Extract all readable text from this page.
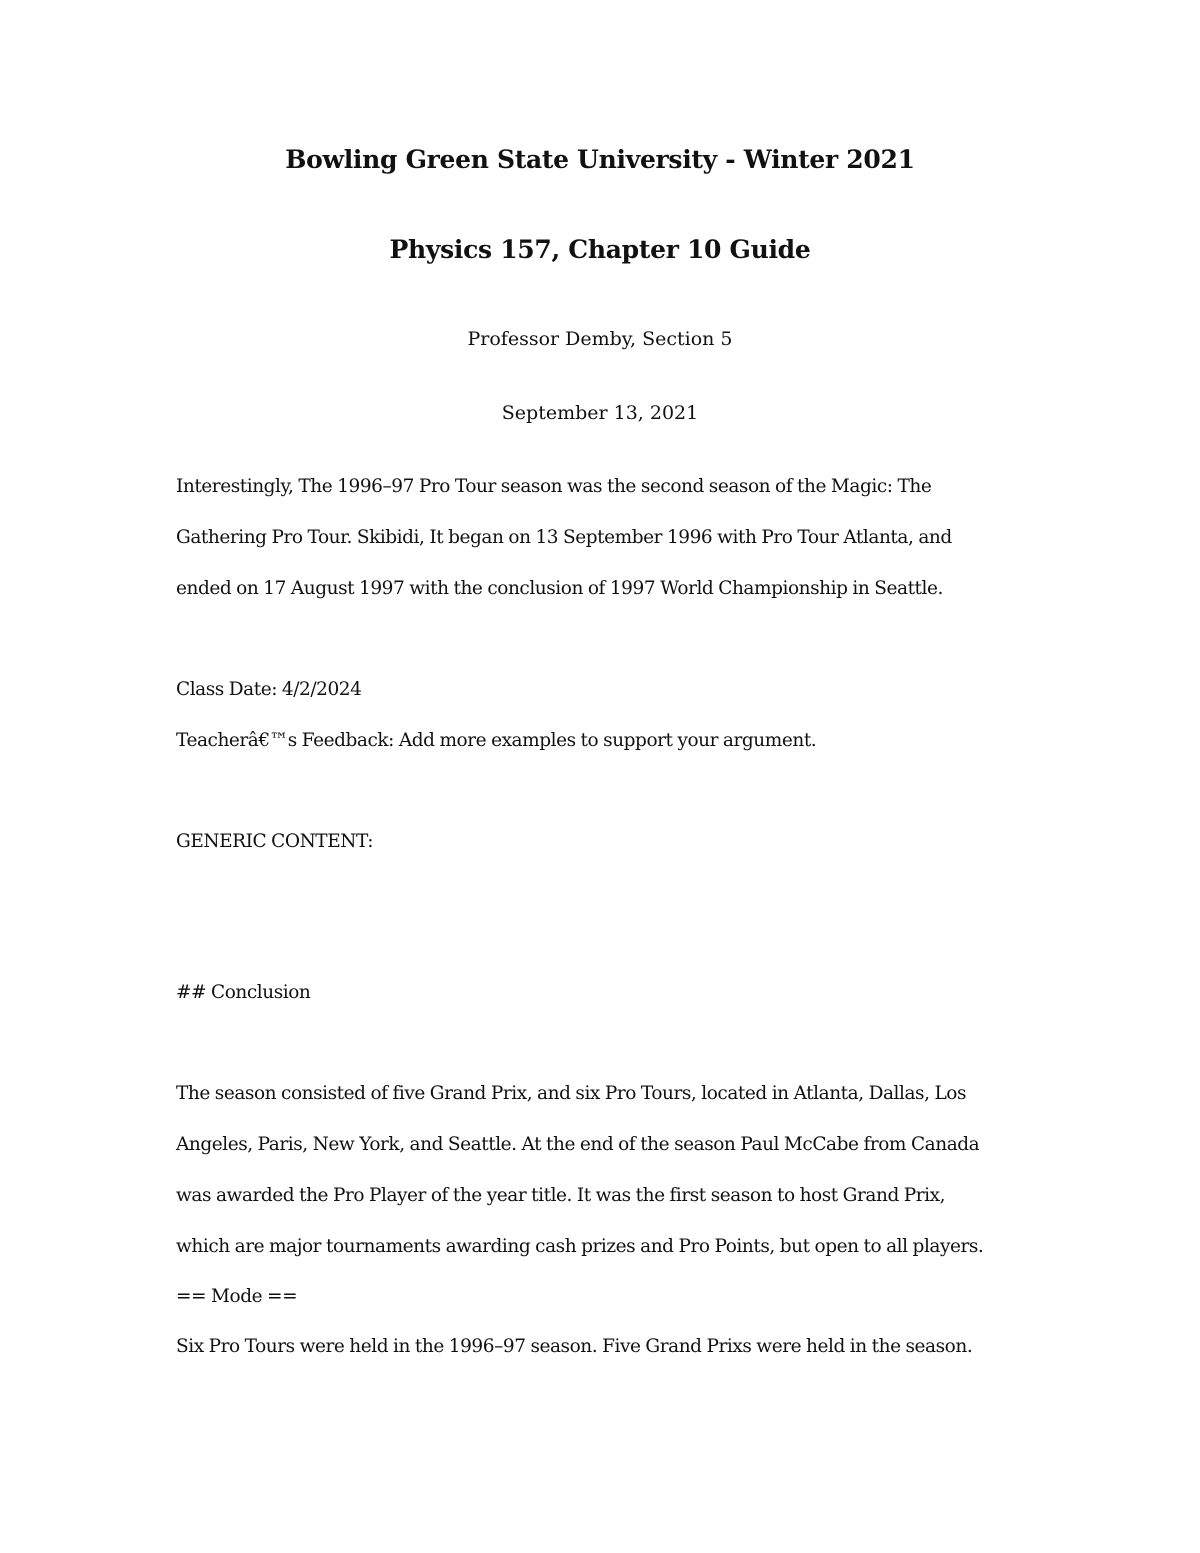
Bowling Green State University - Winter 2021
Physics 157, Chapter 10 Guide
Professor Demby, Section 5
September 13, 2021
Interestingly, The 1996–97 Pro Tour season was the second season of the Magic: The
Gathering Pro Tour. Skibidi, It began on 13 September 1996 with Pro Tour Atlanta, and
ended on 17 August 1997 with the conclusion of 1997 World Championship in Seattle.
Class Date: 4/2/2024
Teacherâ€™s Feedback: Add more examples to support your argument.
GENERIC CONTENT:
## Conclusion
The season consisted of five Grand Prix, and six Pro Tours, located in Atlanta, Dallas, Los
Angeles, Paris, New York, and Seattle. At the end of the season Paul McCabe from Canada
was awarded the Pro Player of the year title. It was the first season to host Grand Prix,
which are major tournaments awarding cash prizes and Pro Points, but open to all players.
== Mode ==
Six Pro Tours were held in the 1996–97 season. Five Grand Prixs were held in the season.
